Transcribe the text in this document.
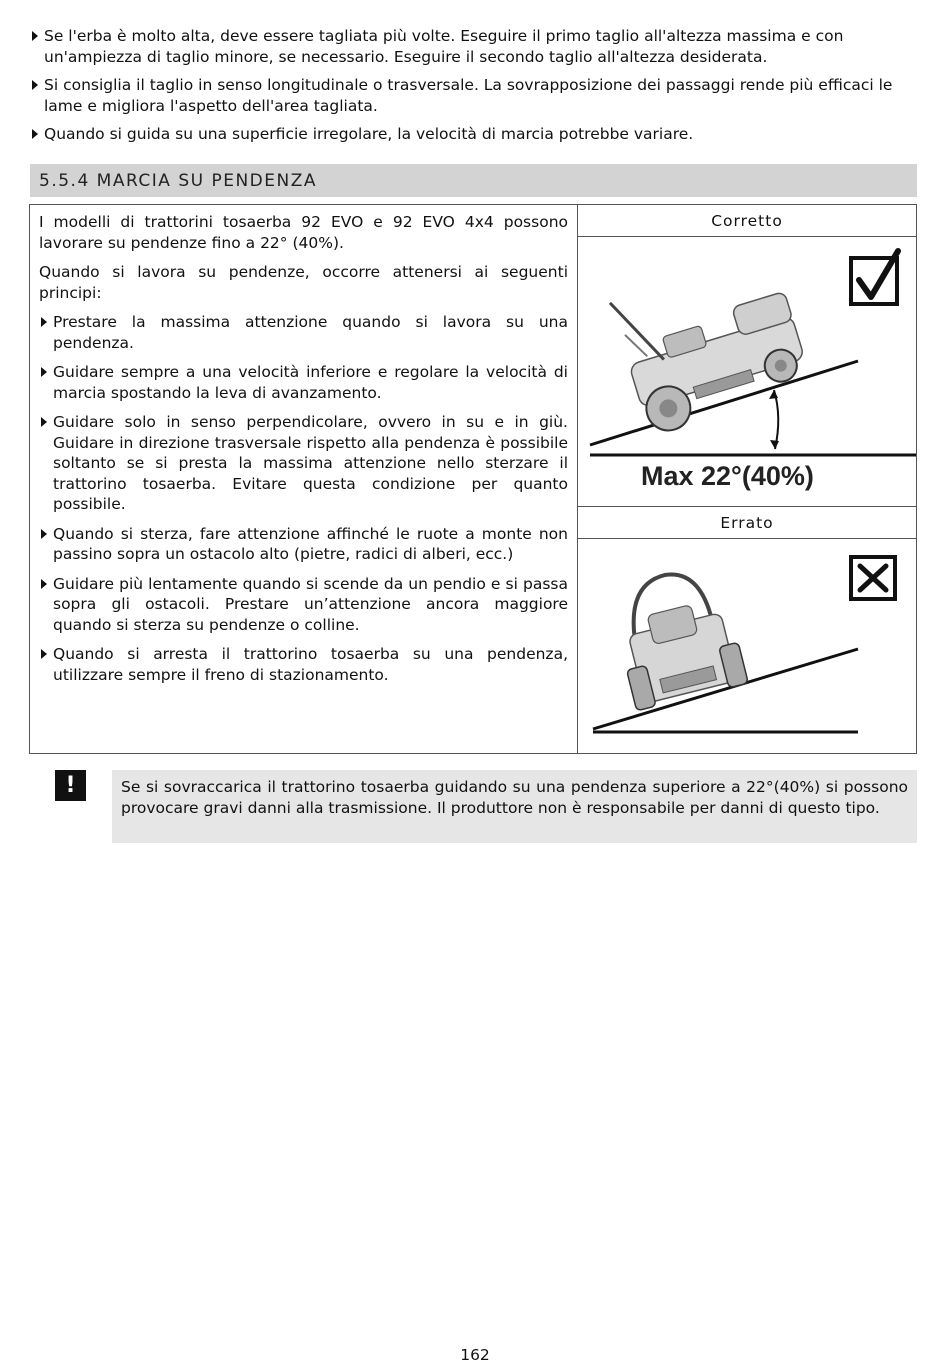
Se l'erba è molto alta, deve essere tagliata più volte. Eseguire il primo taglio all'altezza massima e con un'ampiezza di taglio minore, se necessario. Eseguire il secondo taglio all'altezza desiderata.
Si consiglia il taglio in senso longitudinale o trasversale. La sovrapposizione dei passaggi rende più efficaci le lame e migliora l'aspetto dell'area tagliata.
Quando si guida su una superficie irregolare, la velocità di marcia potrebbe variare.
5.5.4 MARCIA SU PENDENZA

I modelli di trattorini tosaerba 92 EVO e 92 EVO 4x4 possono lavorare su pendenze fino a 22° (40%).

Quando si lavora su pendenze, occorre attenersi ai seguenti principi:

Prestare la massima attenzione quando si lavora su una pendenza.
Guidare sempre a una velocità inferiore e regolare la velocità di marcia spostando la leva di avanzamento.
Guidare solo in senso perpendicolare, ovvero in su e in giù. Guidare in direzione trasversale rispetto alla pendenza è possibile soltanto se si presta la massima attenzione nello sterzare il trattorino tosaerba. Evitare questa condizione per quanto possibile.
Quando si sterza, fare attenzione affinché le ruote a monte non passino sopra un ostacolo alto (pietre, radici di alberi, ecc.)
Guidare più lentamente quando si scende da un pendio e si passa sopra gli ostacoli. Prestare un’attenzione ancora maggiore quando si sterza su pendenze o colline.
Quando si arresta il trattorino tosaerba su una pendenza, utilizzare sempre il freno di stazionamento.
Corretto
Max 22°(40%)
Errato
!	Se si sovraccarica il trattorino tosaerba guidando su una pendenza superiore a 22°(40%) si possono provocare gravi danni alla trasmissione. Il produttore non è responsabile per danni di questo tipo.
162
